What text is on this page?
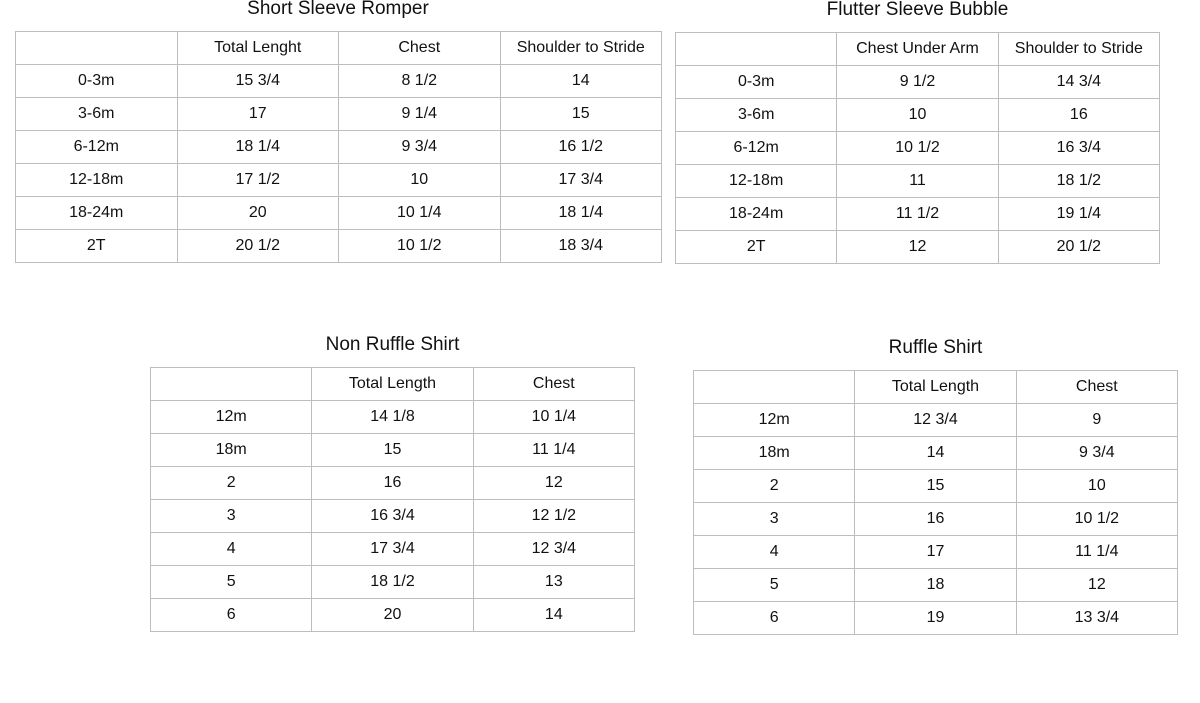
Short Sleeve Romper
	Total Lenght	Chest	Shoulder to Stride
0-3m	15 3/4	8 1/2	14
3-6m	17	9 1/4	15
6-12m	18 1/4	9 3/4	16 1/2
12-18m	17 1/2	10	17 3/4
18-24m	20	10 1/4	18 1/4
2T	20 1/2	10 1/2	18 3/4
Flutter Sleeve Bubble
	Chest Under Arm	Shoulder to Stride
0-3m	9 1/2	14 3/4
3-6m	10	16
6-12m	10 1/2	16 3/4
12-18m	11	18 1/2
18-24m	11 1/2	19 1/4
2T	12	20 1/2
Non Ruffle Shirt
	Total Length	Chest
12m	14 1/8	10 1/4
18m	15	11 1/4
2	16	12
3	16 3/4	12 1/2
4	17 3/4	12 3/4
5	18 1/2	13
6	20	14
Ruffle Shirt
	Total Length	Chest
12m	12 3/4	9
18m	14	9 3/4
2	15	10
3	16	10 1/2
4	17	11 1/4
5	18	12
6	19	13 3/4
